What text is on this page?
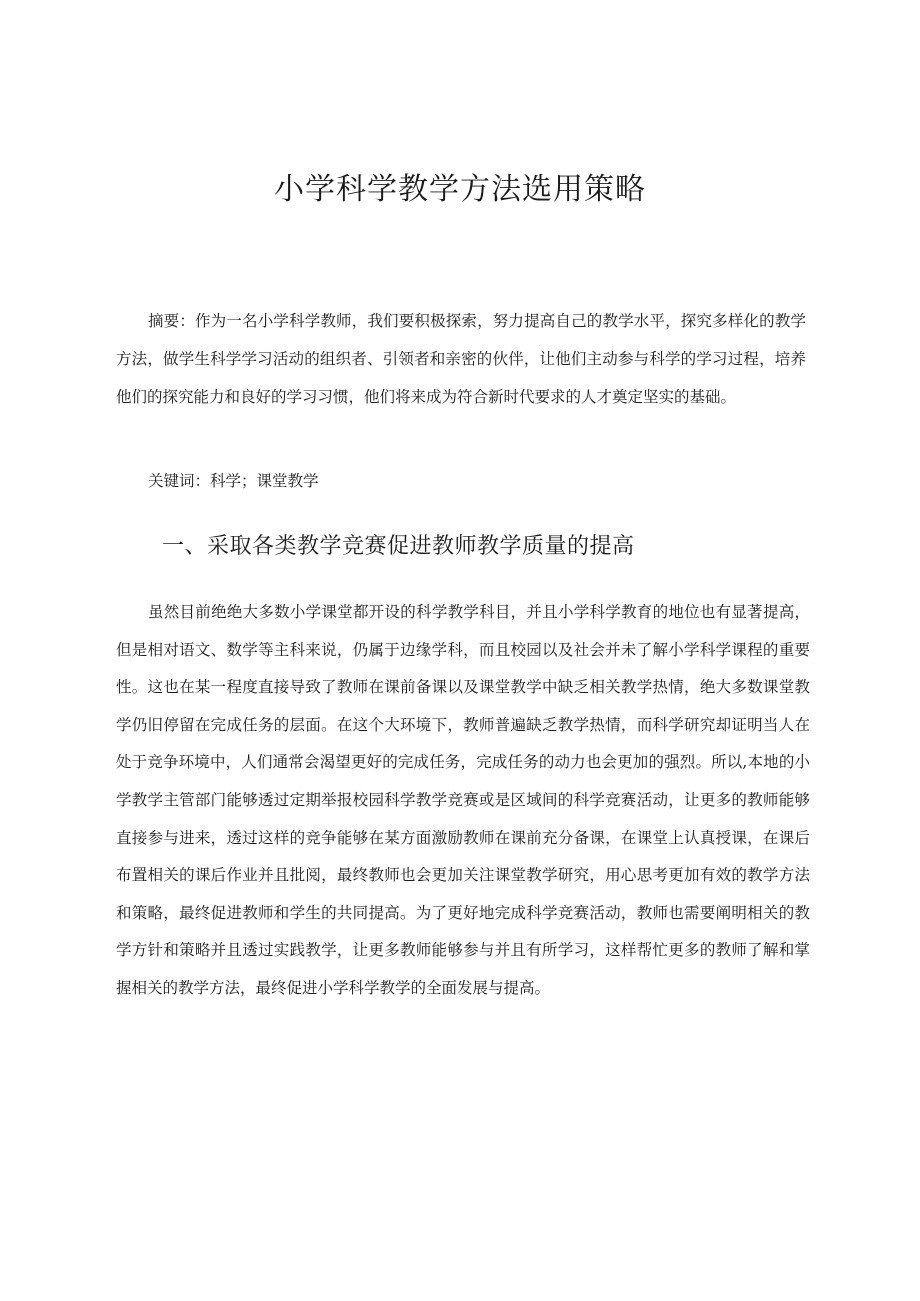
小学科学教学方法选用策略

摘要：作为一名小学科学教师，我们要积极探索，努力提高自己的教学水平，探究多样化的教学方法，做学生科学学习活动的组织者、引领者和亲密的伙伴，让他们主动参与科学的学习过程，培养他们的探究能力和良好的学习习惯，他们将来成为符合新时代要求的人才奠定坚实的基础。

关键词：科学；课堂教学

一、采取各类教学竞赛促进教师教学质量的提高

虽然目前绝绝大多数小学课堂都开设的科学教学科目，并且小学科学教育的地位也有显著提高，但是相对语文、数学等主科来说，仍属于边缘学科，而且校园以及社会并未了解小学科学课程的重要性。这也在某一程度直接导致了教师在课前备课以及课堂教学中缺乏相关教学热情，绝大多数课堂教学仍旧停留在完成任务的层面。在这个大环境下，教师普遍缺乏教学热情，而科学研究却证明当人在处于竞争环境中，人们通常会渴望更好的完成任务，完成任务的动力也会更加的强烈。所以,本地的小学教学主管部门能够透过定期举报校园科学教学竞赛或是区域间的科学竞赛活动，让更多的教师能够直接参与进来，透过这样的竞争能够在某方面激励教师在课前充分备课，在课堂上认真授课，在课后布置相关的课后作业并且批阅，最终教师也会更加关注课堂教学研究，用心思考更加有效的教学方法和策略，最终促进教师和学生的共同提高。为了更好地完成科学竞赛活动，教师也需要阐明相关的教学方针和策略并且透过实践教学，让更多教师能够参与并且有所学习，这样帮忙更多的教师了解和掌握相关的教学方法，最终促进小学科学教学的全面发展与提高。
